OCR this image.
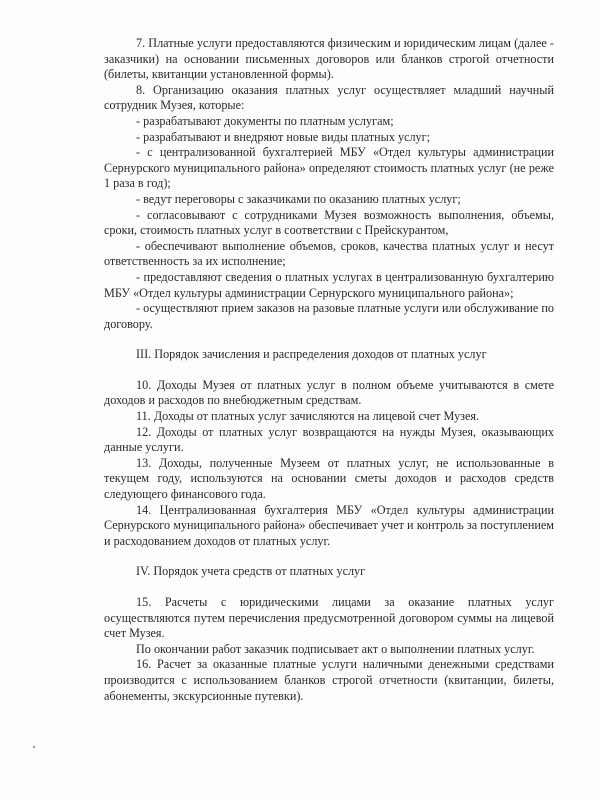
7. Платные услуги предоставляются физическим и юридическим лицам (далее - заказчики) на основании письменных договоров или бланков строгой отчетности (билеты, квитанции установленной формы).

8. Организацию оказания платных услуг осуществляет младший научный сотрудник Музея, которые:

- разрабатывают документы по платным услугам;

- разрабатывают и внедряют новые виды платных услуг;

- с централизованной бухгалтерией МБУ «Отдел культуры администрации Сернурского муниципального района» определяют стоимость платных услуг (не реже 1 раза в год);

- ведут переговоры с заказчиками по оказанию платных услуг;

- согласовывают с сотрудниками Музея возможность выполнения, объемы, сроки, стоимость платных услуг в соответствии с Прейскурантом,

- обеспечивают выполнение объемов, сроков, качества платных услуг и несут ответственность за их исполнение;

- предоставляют сведения о платных услугах в централизованную бухгалтерию МБУ «Отдел культуры администрации Сернурского муниципального района»;

- осуществляют прием заказов на разовые платные услуги или обслуживание по договору.

III. Порядок зачисления и распределения доходов от платных услуг

10. Доходы Музея от платных услуг в полном объеме учитываются в смете доходов и расходов по внебюджетным средствам.

11. Доходы от платных услуг зачисляются на лицевой счет Музея.

12. Доходы от платных услуг возвращаются на нужды Музея, оказывающих данные услуги.

13. Доходы, полученные Музеем от платных услуг, не использованные в текущем году, используются на основании сметы доходов и расходов средств следующего финансового года.

14. Централизованная бухгалтерия МБУ «Отдел культуры администрации Сернурского муниципального района» обеспечивает учет и контроль за поступлением и расходованием доходов от платных услуг.

IV. Порядок учета средств от платных услуг

15. Расчеты с юридическими лицами за оказание платных услуг осуществляются путем перечисления предусмотренной договором суммы на лицевой счет Музея.

По окончании работ заказчик подписывает акт о выполнении платных услуг.

16. Расчет за оказанные платные услуги наличными денежными средствами производится с использованием бланков строгой отчетности (квитанции, билеты, абонементы, экскурсионные путевки).
